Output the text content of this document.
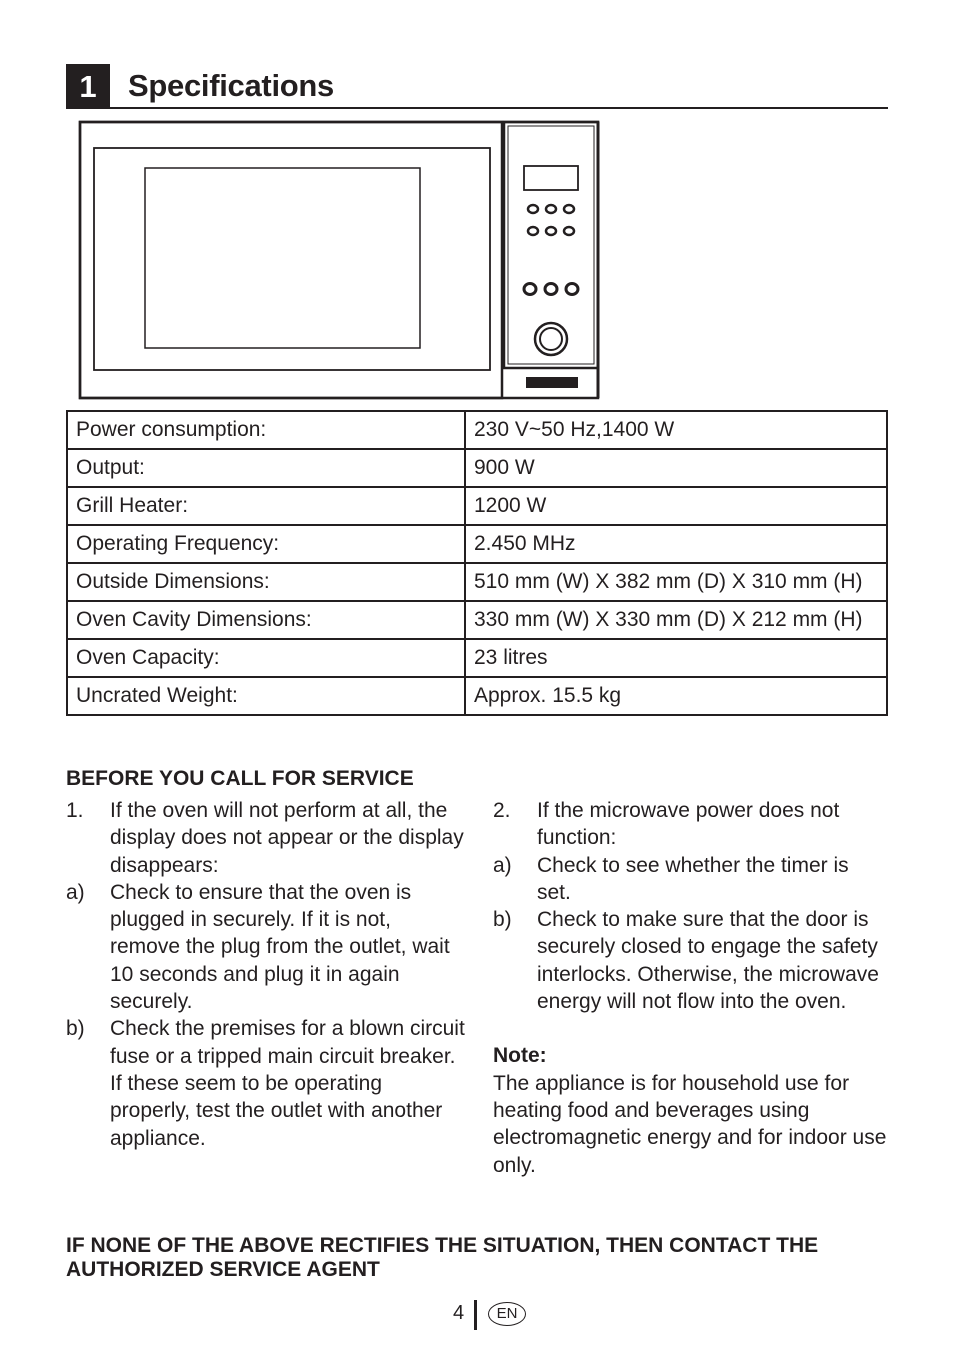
1	Specifications
Power consumption:	230 V~50 Hz,1400 W
Output:	900 W
Grill Heater:	1200 W
Operating Frequency:	2.450 MHz
Outside Dimensions:	510 mm (W) X 382 mm (D) X 310 mm (H)
Oven Cavity Dimensions:	330 mm (W) X 330 mm (D) X 212 mm (H)
Oven Capacity:	23 litres
Uncrated Weight:	Approx. 15.5 kg
BEFORE YOU CALL FOR SERVICE
1. If the oven will not perform at all, the display does not appear or the display disappears:
a) Check to ensure that the oven is plugged in securely. If it is not, remove the plug from the outlet, wait 10 seconds and plug it in again securely.
b) Check the premises for a blown circuit fuse or a tripped main circuit breaker. If these seem to be operating properly, test the outlet with another appliance.
2. If the microwave power does not function:
a) Check to see whether the timer is set.
b) Check to make sure that the door is securely closed to engage the safety interlocks. Otherwise, the microwave energy will not flow into the oven.
Note:
The appliance is for household use for heating food and beverages using electromagnetic energy and for indoor use only.
IF NONE OF THE ABOVE RECTIFIES THE SITUATION, THEN CONTACT THE AUTHORIZED SERVICE AGENT
4	EN
